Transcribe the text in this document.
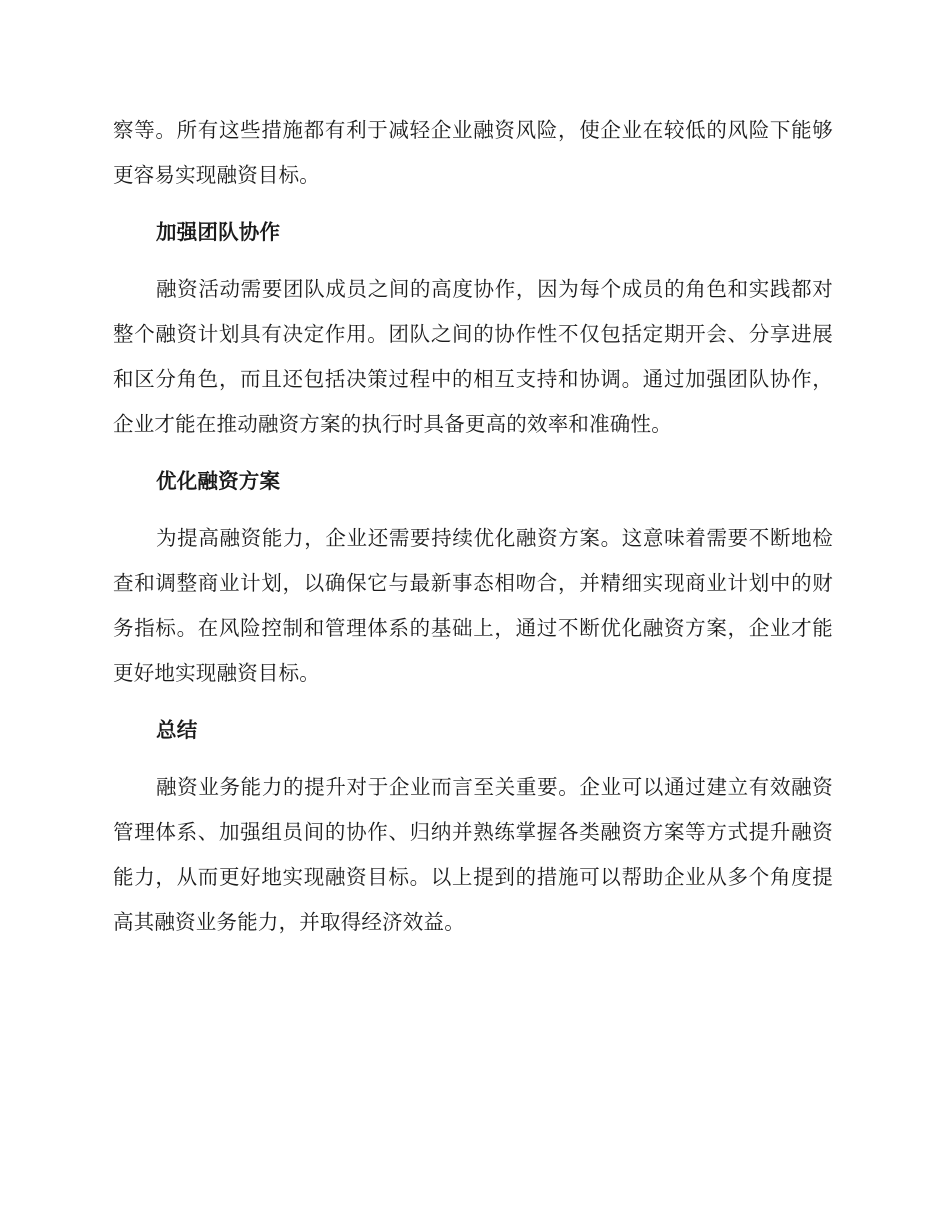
察等。所有这些措施都有利于减轻企业融资风险，使企业在较低的风险下能够更容易实现融资目标。

加强团队协作

融资活动需要团队成员之间的高度协作，因为每个成员的角色和实践都对整个融资计划具有决定作用。团队之间的协作性不仅包括定期开会、分享进展和区分角色，而且还包括决策过程中的相互支持和协调。通过加强团队协作，企业才能在推动融资方案的执行时具备更高的效率和准确性。

优化融资方案

为提高融资能力，企业还需要持续优化融资方案。这意味着需要不断地检查和调整商业计划，以确保它与最新事态相吻合，并精细实现商业计划中的财务指标。在风险控制和管理体系的基础上，通过不断优化融资方案，企业才能更好地实现融资目标。

总结

融资业务能力的提升对于企业而言至关重要。企业可以通过建立有效融资管理体系、加强组员间的协作、归纳并熟练掌握各类融资方案等方式提升融资能力，从而更好地实现融资目标。以上提到的措施可以帮助企业从多个角度提高其融资业务能力，并取得经济效益。
